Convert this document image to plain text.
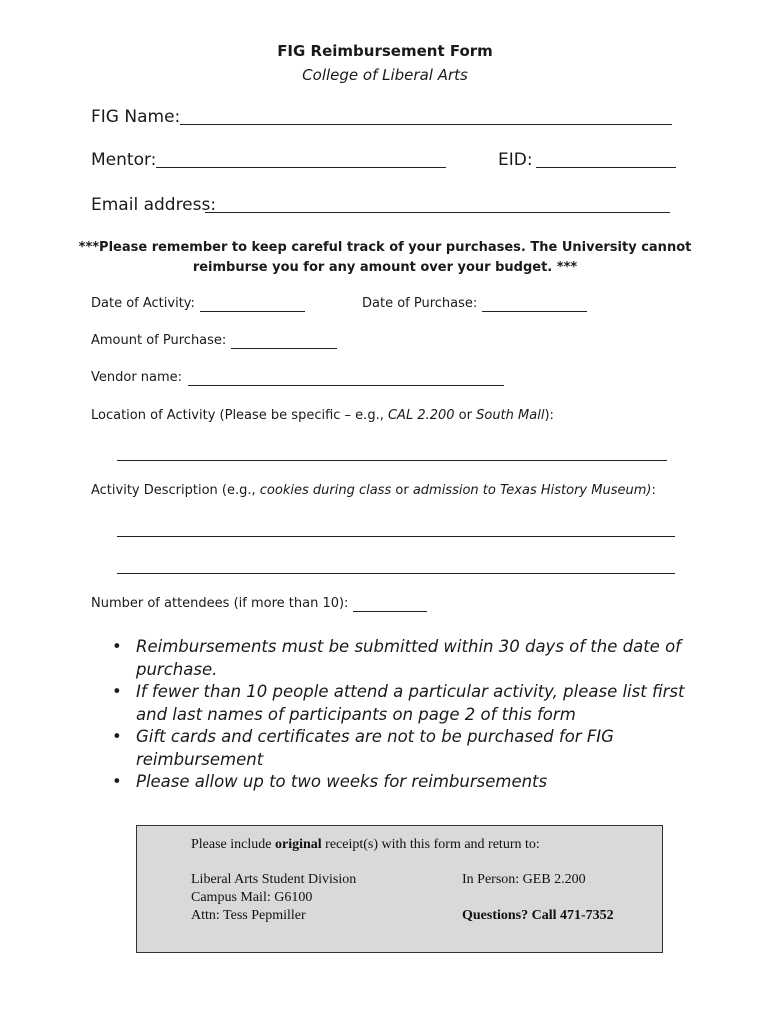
FIG Reimbursement Form
College of Liberal Arts
FIG Name:
Mentor:	EID:
Email address:
***Please remember to keep careful track of your purchases. The University cannot
reimburse you for any amount over your budget. ***
Date of Activity:	Date of Purchase:
Amount of Purchase:
Vendor name:
Location of Activity (Please be specific – e.g., CAL 2.200 or South Mall):
Activity Description (e.g., cookies during class or admission to Texas History Museum):
Number of attendees (if more than 10):
• Reimbursements must be submitted within 30 days of the date of purchase.
• If fewer than 10 people attend a particular activity, please list first and last names of participants on page 2 of this form
• Gift cards and certificates are not to be purchased for FIG reimbursement
• Please allow up to two weeks for reimbursements
Please include original receipt(s) with this form and return to:
Liberal Arts Student Division
Campus Mail: G6100
Attn: Tess Pepmiller
In Person: GEB 2.200
Questions? Call 471-7352
